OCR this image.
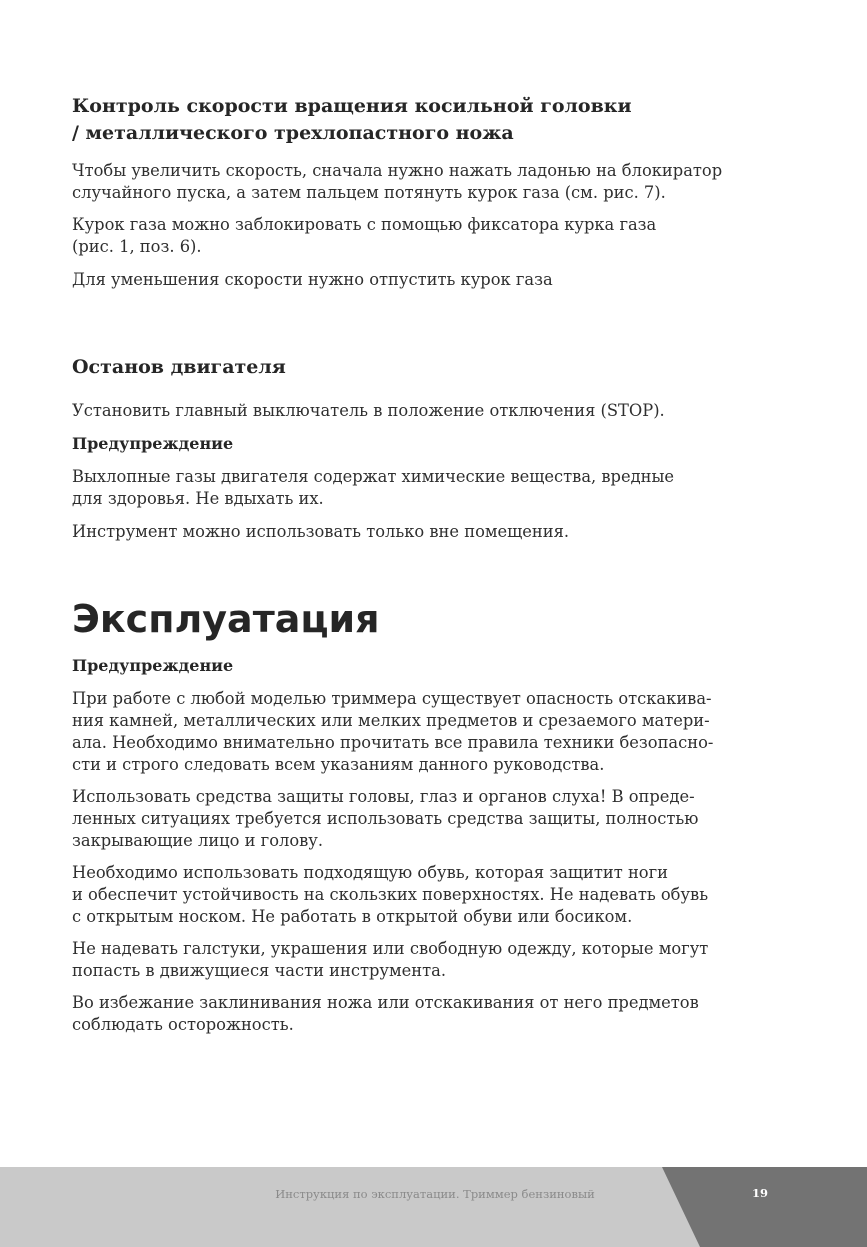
Контроль скорости вращения косильной головки
/ металлического трехлопастного ножа

Чтобы увеличить скорость, сначала нужно нажать ладонью на блокиратор
случайного пуска, а затем пальцем потянуть курок газа (см. рис. 7).

Курок газа можно заблокировать с помощью фиксатора курка газа
(рис. 1, поз. 6).

Для уменьшения скорости нужно отпустить курок газа

Останов двигателя

Установить главный выключатель в положение отключения (STOP).

Предупреждение

Выхлопные газы двигателя содержат химические вещества, вредные
для здоровья. Не вдыхать их.

Инструмент можно использовать только вне помещения.

Эксплуатация

Предупреждение

При работе с любой моделью триммера существует опасность отскакива-
ния камней, металлических или мелких предметов и срезаемого матери-
ала. Необходимо внимательно прочитать все правила техники безопасно-
сти и строго следовать всем указаниям данного руководства.

Использовать средства защиты головы, глаз и органов слуха! В опреде-
ленных ситуациях требуется использовать средства защиты, полностью
закрывающие лицо и голову.

Необходимо использовать подходящую обувь, которая защитит ноги
и обеспечит устойчивость на скользких поверхностях. Не надевать обувь
с открытым носком. Не работать в открытой обуви или босиком.

Не надевать галстуки, украшения или свободную одежду, которые могут
попасть в движущиеся части инструмента.

Во избежание заклинивания ножа или отскакивания от него предметов
соблюдать осторожность.

Инструкция по эксплуатации. Триммер бензиновый	19
